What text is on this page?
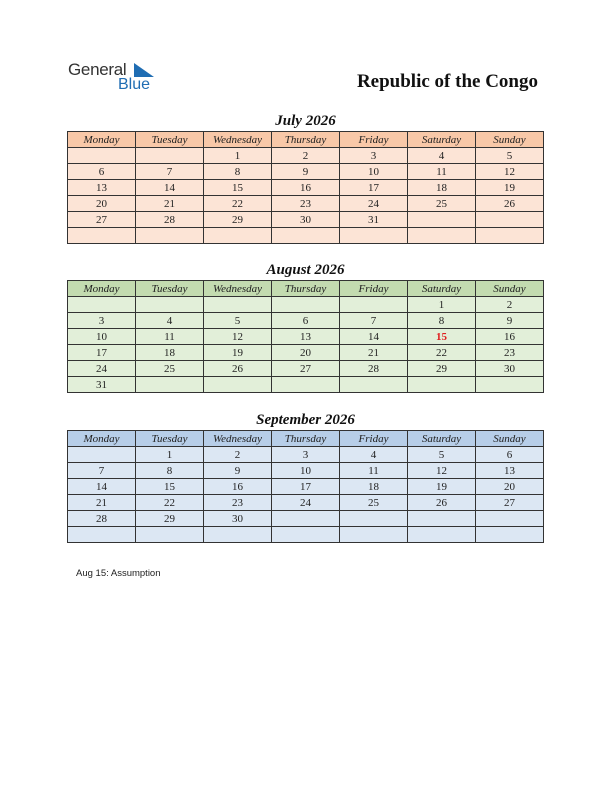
General
Blue	Republic of the Congo
July 2026
Monday	Tuesday	Wednesday	Thursday	Friday	Saturday	Sunday
		1	2	3	4	5
6	7	8	9	10	11	12
13	14	15	16	17	18	19
20	21	22	23	24	25	26
27	28	29	30	31		

August 2026
Monday	Tuesday	Wednesday	Thursday	Friday	Saturday	Sunday
					1	2
3	4	5	6	7	8	9
10	11	12	13	14	15	16
17	18	19	20	21	22	23
24	25	26	27	28	29	30
31						
September 2026
Monday	Tuesday	Wednesday	Thursday	Friday	Saturday	Sunday
	1	2	3	4	5	6
7	8	9	10	11	12	13
14	15	16	17	18	19	20
21	22	23	24	25	26	27
28	29	30				

Aug 15: Assumption
